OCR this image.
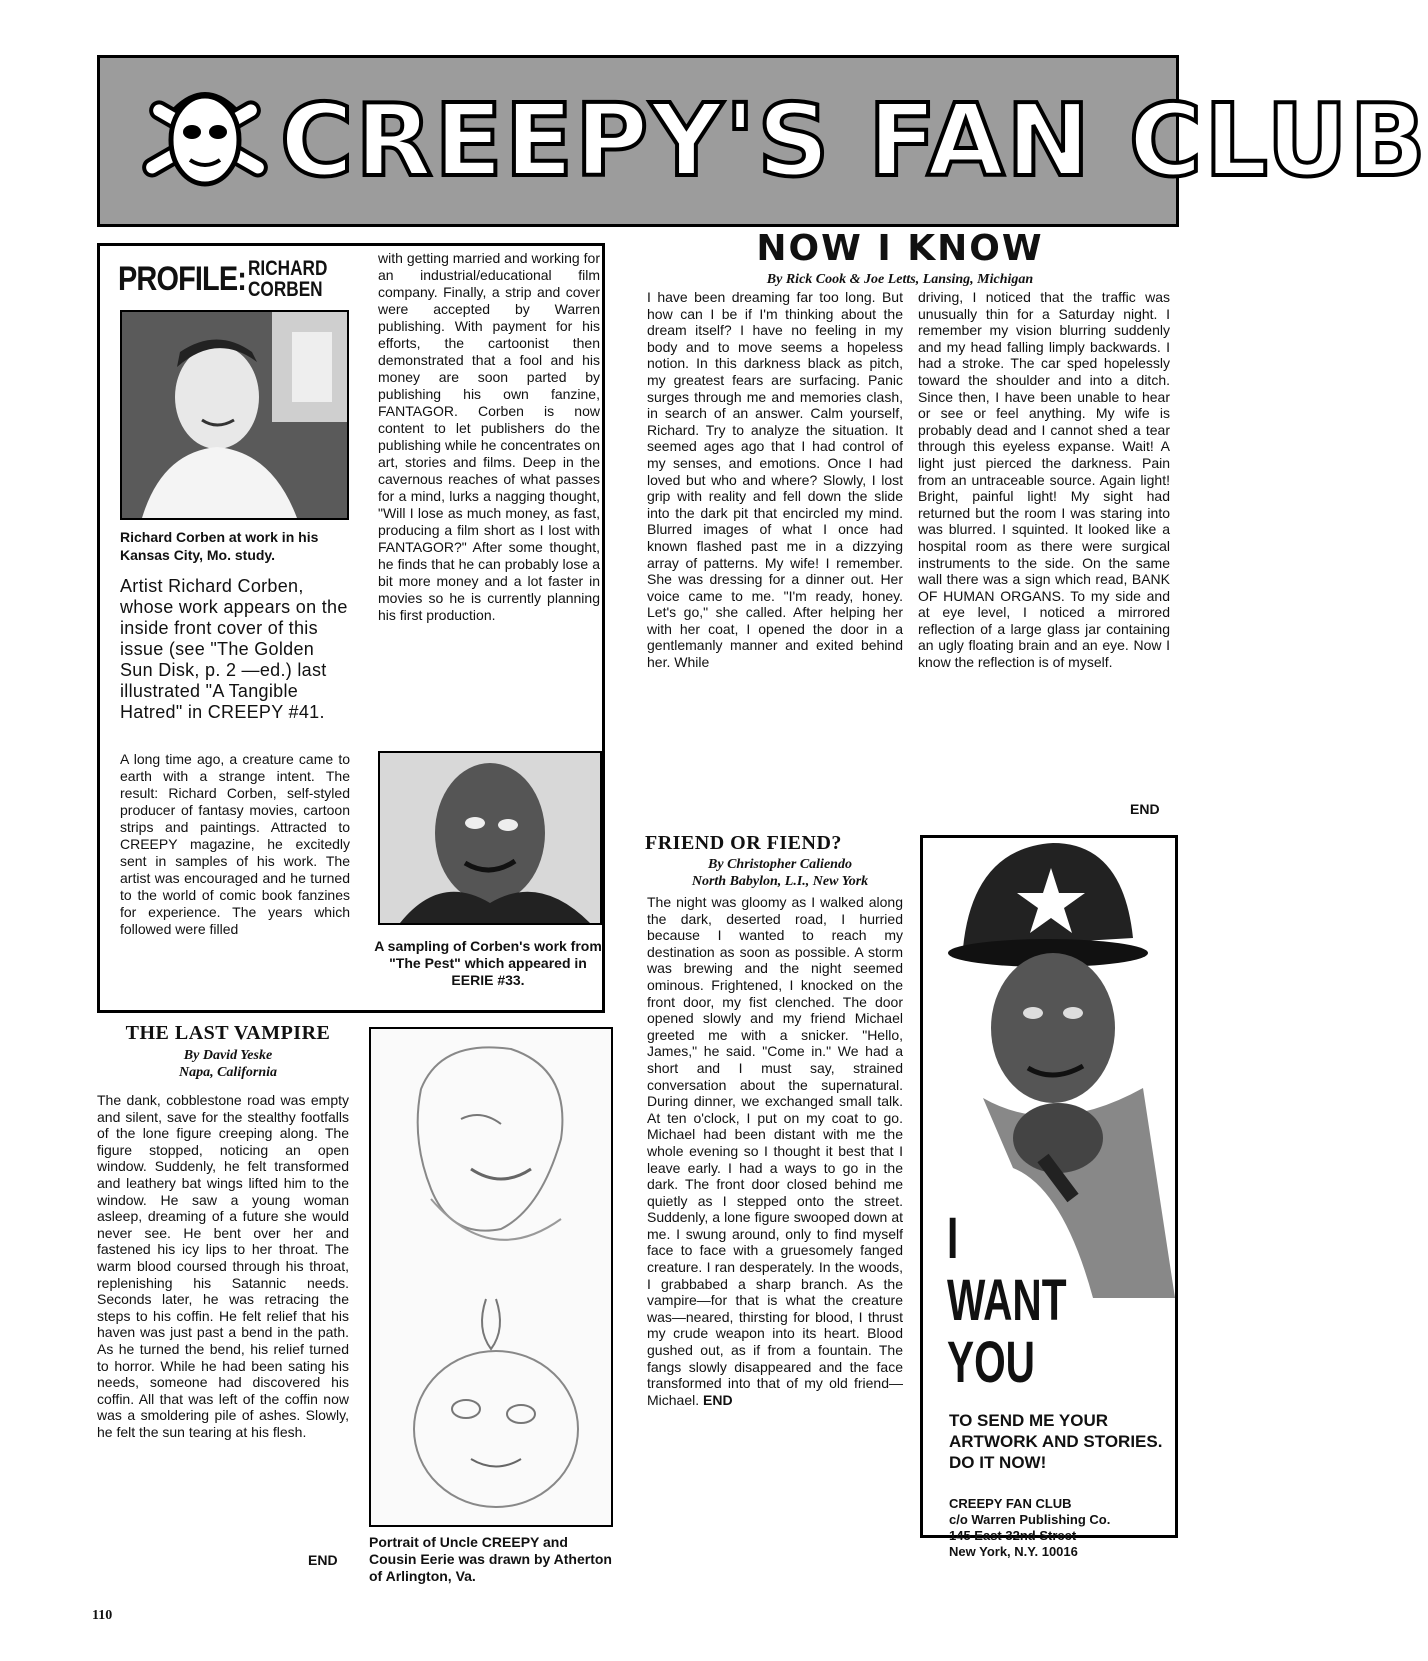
CREEPY'S FAN CLUB
PROFILE: RICHARD
CORBEN
Richard Corben at work in his Kansas City, Mo. study.
Artist Richard Corben, whose work appears on the inside front cover of this issue (see "The Golden Sun Disk, p. 2 —ed.) last illustrated "A Tangible Hatred" in CREEPY #41.
A long time ago, a creature came to earth with a strange intent. The result: Richard Corben, self-styled producer of fantasy movies, cartoon strips and paintings. Attracted to CREEPY magazine, he excitedly sent in samples of his work. The artist was encouraged and he turned to the world of comic book fanzines for experience. The years which followed were filled
with getting married and working for an industrial/educational film company. Finally, a strip and cover were accepted by Warren publishing. With payment for his efforts, the cartoonist then demonstrated that a fool and his money are soon parted by publishing his own fanzine, FANTAGOR. Corben is now content to let publishers do the publishing while he concentrates on art, stories and films. Deep in the cavernous reaches of what passes for a mind, lurks a nagging thought, "Will I lose as much money, as fast, producing a film short as I lost with FANTAGOR?" After some thought, he finds that he can probably lose a bit more money and a lot faster in movies so he is currently planning his first production.
A sampling of Corben's work from "The Pest" which appeared in EERIE #33.
NOW I KNOW
By Rick Cook & Joe Letts, Lansing, Michigan
I have been dreaming far too long. But how can I be if I'm thinking about the dream itself? I have no feeling in my body and to move seems a hopeless notion. In this darkness black as pitch, my greatest fears are surfacing. Panic surges through me and memories clash, in search of an answer. Calm yourself, Richard. Try to analyze the situation. It seemed ages ago that I had control of my senses, and emotions. Once I had loved but who and where? Slowly, I lost grip with reality and fell down the slide into the dark pit that encircled my mind. Blurred images of what I once had known flashed past me in a dizzying array of patterns. My wife! I remember. She was dressing for a dinner out. Her voice came to me. "I'm ready, honey. Let's go," she called. After helping her with her coat, I opened the door in a gentlemanly manner and exited behind her. While
driving, I noticed that the traffic was unusually thin for a Saturday night. I remember my vision blurring suddenly and my head falling limply backwards. I had a stroke. The car sped hopelessly toward the shoulder and into a ditch. Since then, I have been unable to hear or see or feel anything. My wife is probably dead and I cannot shed a tear through this eyeless expanse. Wait! A light just pierced the darkness. Pain from an untraceable source. Again light! Bright, painful light! My sight had returned but the room I was staring into was blurred. I squinted. It looked like a hospital room as there were surgical instruments to the side. On the same wall there was a sign which read, BANK OF HUMAN ORGANS. To my side and at eye level, I noticed a mirrored reflection of a large glass jar containing an ugly floating brain and an eye. Now I know the reflection is of myself.
END
FRIEND OR FIEND?
By Christopher Caliendo
North Babylon, L.I., New York
The night was gloomy as I walked along the dark, deserted road, I hurried because I wanted to reach my destination as soon as possible. A storm was brewing and the night seemed ominous. Frightened, I knocked on the front door, my fist clenched. The door opened slowly and my friend Michael greeted me with a snicker. "Hello, James," he said. "Come in." We had a short and I must say, strained conversation about the supernatural. During dinner, we exchanged small talk. At ten o'clock, I put on my coat to go. Michael had been distant with me the whole evening so I thought it best that I leave early. I had a ways to go in the dark. The front door closed behind me quietly as I stepped onto the street. Suddenly, a lone figure swooped down at me. I swung around, only to find myself face to face with a gruesomely fanged creature. I ran desperately. In the woods, I grabbabed a sharp branch. As the vampire—for that is what the creature was—neared, thirsting for blood, I thrust my crude weapon into its heart. Blood gushed out, as if from a fountain. The fangs slowly disappeared and the face transformed into that of my old friend—Michael. END
I
WANT
YOU
TO SEND ME YOUR ARTWORK AND STORIES. DO IT NOW!
CREEPY FAN CLUB
c/o Warren Publishing Co.
145 East 32nd Street
New York, N.Y. 10016
THE LAST VAMPIRE
By David Yeske
Napa, California
The dank, cobblestone road was empty and silent, save for the stealthy footfalls of the lone figure creeping along. The figure stopped, noticing an open window. Suddenly, he felt transformed and leathery bat wings lifted him to the window. He saw a young woman asleep, dreaming of a future she would never see. He bent over her and fastened his icy lips to her throat. The warm blood coursed through his throat, replenishing his Satannic needs. Seconds later, he was retracing the steps to his coffin. He felt relief that his haven was just past a bend in the path. As he turned the bend, his relief turned to horror. While he had been sating his needs, someone had discovered his coffin. All that was left of the coffin now was a smoldering pile of ashes. Slowly, he felt the sun tearing at his flesh.
END
Portrait of Uncle CREEPY and Cousin Eerie was drawn by Atherton of Arlington, Va.
110
